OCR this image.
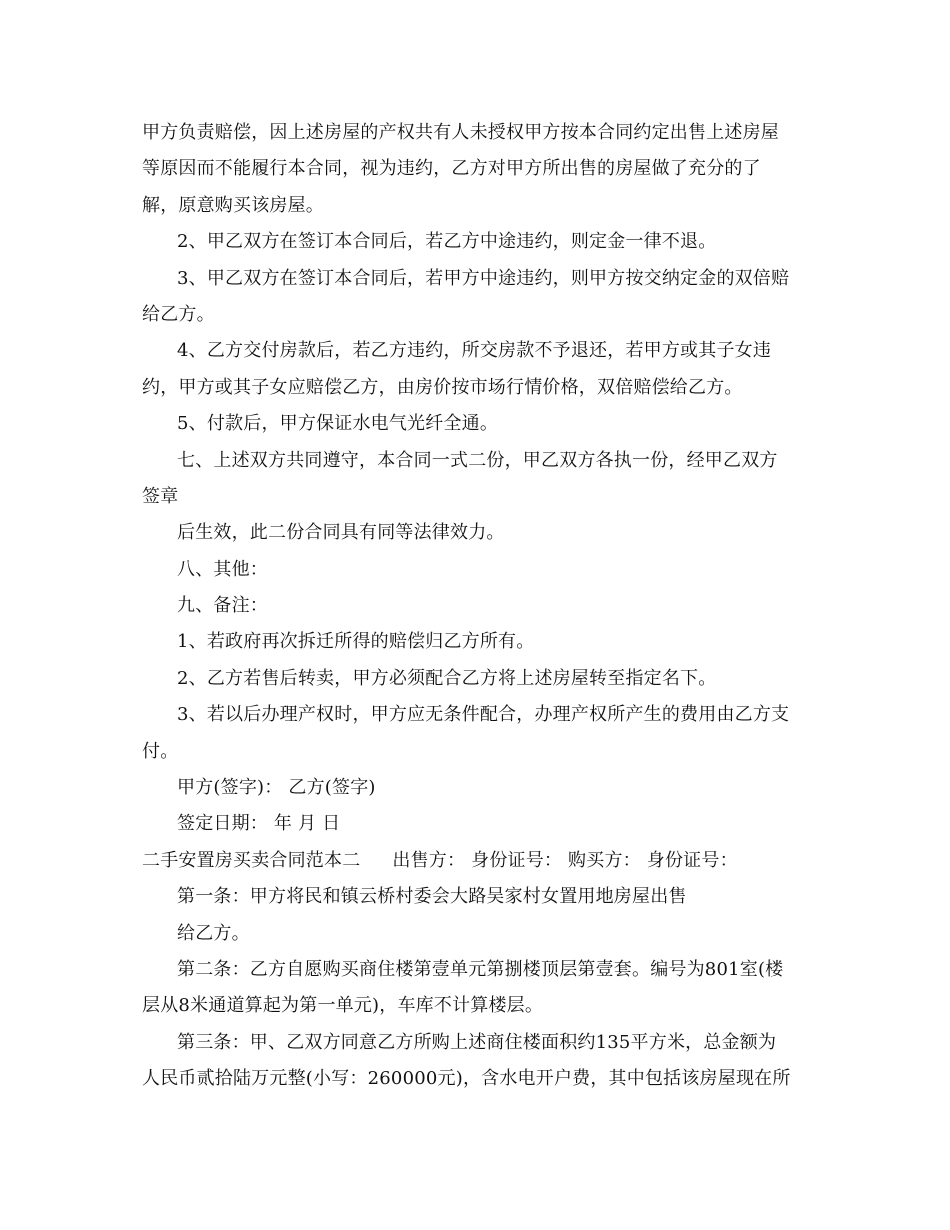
甲方负责赔偿，因上述房屋的产权共有人未授权甲方按本合同约定出售上述房屋
等原因而不能履行本合同，视为违约，乙方对甲方所出售的房屋做了充分的了
解，原意购买该房屋。
2、甲乙双方在签订本合同后，若乙方中途违约，则定金一律不退。
3、甲乙双方在签订本合同后，若甲方中途违约，则甲方按交纳定金的双倍赔
给乙方。
4、乙方交付房款后，若乙方违约，所交房款不予退还，若甲方或其子女违
约，甲方或其子女应赔偿乙方，由房价按市场行情价格，双倍赔偿给乙方。
5、付款后，甲方保证水电气光纤全通。
七、上述双方共同遵守，本合同一式二份，甲乙双方各执一份，经甲乙双方
签章
后生效，此二份合同具有同等法律效力。
八、其他：
九、备注：
1、若政府再次拆迁所得的赔偿归乙方所有。
2、乙方若售后转卖，甲方必须配合乙方将上述房屋转至指定名下。
3、若以后办理产权时，甲方应无条件配合，办理产权所产生的费用由乙方支
付。
甲方(签字)： 乙方(签字)
签定日期： 年 月 日
二手安置房买卖合同范本二 出售方： 身份证号： 购买方： 身份证号：
第一条：甲方将民和镇云桥村委会大路吴家村女置用地房屋出售
给乙方。
第二条：乙方自愿购买商住楼第壹单元第捌楼顶层第壹套。编号为801室(楼
层从8米通道算起为第一单元)，车库不计算楼层。
第三条：甲、乙双方同意乙方所购上述商住楼面积约135平方米，总金额为
人民币贰拾陆万元整(小写：260000元)，含水电开户费，其中包括该房屋现在所
